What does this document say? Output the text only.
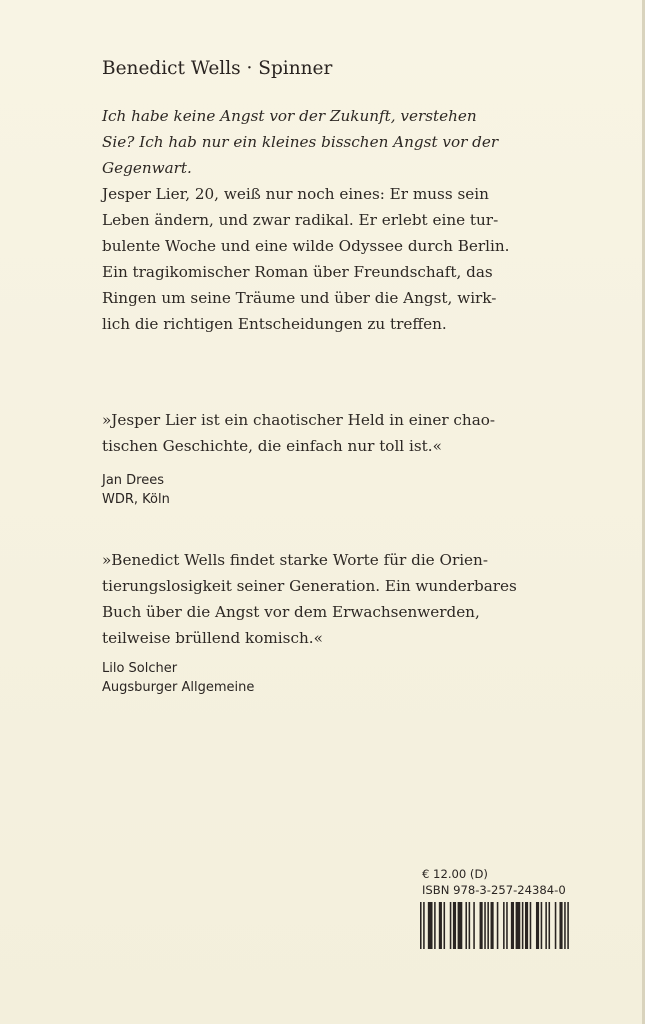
Benedict Wells · Spinner

Ich habe keine Angst vor der Zukunft, verstehen
Sie? Ich hab nur ein kleines bisschen Angst vor der
Gegenwart.

Jesper Lier, 20, weiß nur noch eines: Er muss sein
Leben ändern, und zwar radikal. Er erlebt eine tur-
bulente Woche und eine wilde Odyssee durch Berlin.
Ein tragikomischer Roman über Freundschaft, das
Ringen um seine Träume und über die Angst, wirk-
lich die richtigen Entscheidungen zu treffen.

»Jesper Lier ist ein chaotischer Held in einer chao-
tischen Geschichte, die einfach nur toll ist.«

Jan Drees
WDR, Köln

»Benedict Wells findet starke Worte für die Orien-
tierungslosigkeit seiner Generation. Ein wunderbares
Buch über die Angst vor dem Erwachsenwerden,
teilweise brüllend komisch.«

Lilo Solcher
Augsburger Allgemeine
€ 12.00 (D)
ISBN 978-3-257-24384-0
